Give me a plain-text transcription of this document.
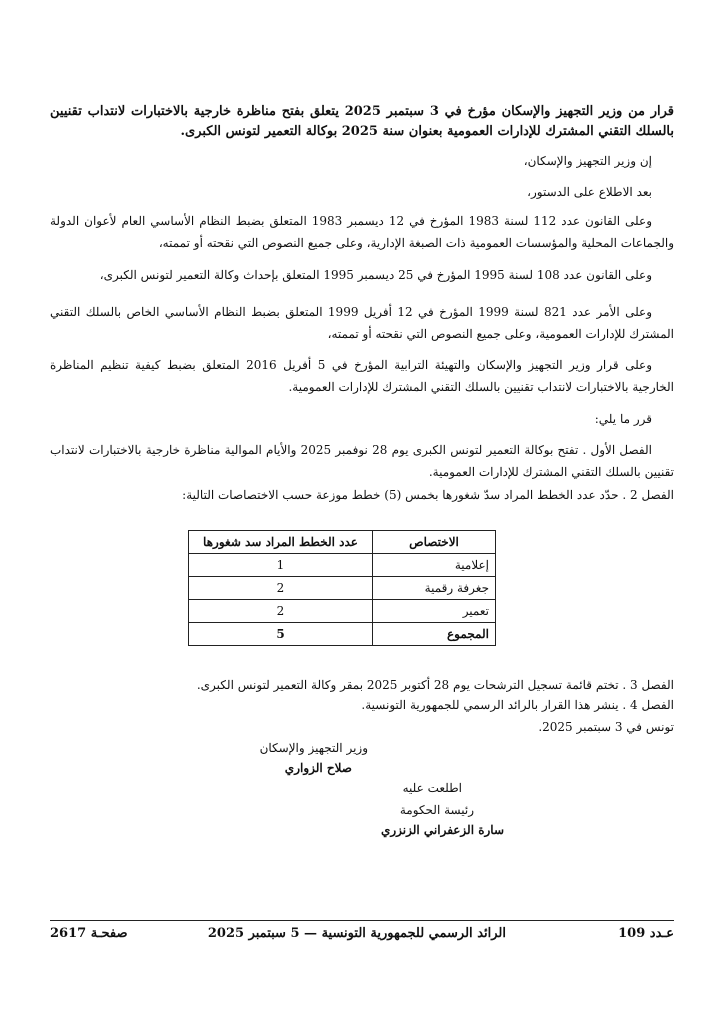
قرار من وزير التجهيز والإسكان مؤرخ في 3 سبتمبر 2025 يتعلق بفتح مناظرة خارجية بالاختبارات لانتداب تقنيين بالسلك التقني المشترك للإدارات العمومية بعنوان سنة 2025 بوكالة التعمير لتونس الكبرى.
إن وزير التجهيز والإسكان،
بعد الاطلاع على الدستور،
وعلى القانون عدد 112 لسنة 1983 المؤرخ في 12 ديسمبر 1983 المتعلق بضبط النظام الأساسي العام لأعوان الدولة والجماعات المحلية والمؤسسات العمومية ذات الصبغة الإدارية، وعلى جميع النصوص التي نقحته أو تممته،
وعلى القانون عدد 108 لسنة 1995 المؤرخ في 25 ديسمبر 1995 المتعلق بإحداث وكالة التعمير لتونس الكبرى،
وعلى الأمر عدد 821 لسنة 1999 المؤرخ في 12 أفريل 1999 المتعلق بضبط النظام الأساسي الخاص بالسلك التقني المشترك للإدارات العمومية، وعلى جميع النصوص التي نقحته أو تممته،
وعلى قرار وزير التجهيز والإسكان والتهيئة الترابية المؤرخ في 5 أفريل 2016 المتعلق بضبط كيفية تنظيم المناظرة الخارجية بالاختبارات لانتداب تقنيين بالسلك التقني المشترك للإدارات العمومية.
قرر ما يلي:
الفصل الأول . تفتح بوكالة التعمير لتونس الكبرى يوم 28 نوفمبر 2025 والأيام الموالية مناظرة خارجية بالاختبارات لانتداب تقنيين بالسلك التقني المشترك للإدارات العمومية.
الفصل 2 . حدّد عدد الخطط المراد سدّ شغورها بخمس (5) خطط موزعة حسب الاختصاصات التالية:
الفصل 3 . تختم قائمة تسجيل الترشحات يوم 28 أكتوبر 2025 بمقر وكالة التعمير لتونس الكبرى.
الفصل 4 . ينشر هذا القرار بالرائد الرسمي للجمهورية التونسية.
تونس في 3 سبتمبر 2025.
الاختصاص	عدد الخطط المراد سد شغورها
إعلامية	1
جغرفة رقمية	2
تعمير	2
المجموع	5
وزير التجهيز والإسكان
صلاح الزواري
اطلعت عليه
رئيسة الحكومة
سارة الزعفراني الزنزري
عـدد 109
الرائد الرسمي للجمهورية التونسية — 5 سبتمبر 2025
صفحـة 2617
